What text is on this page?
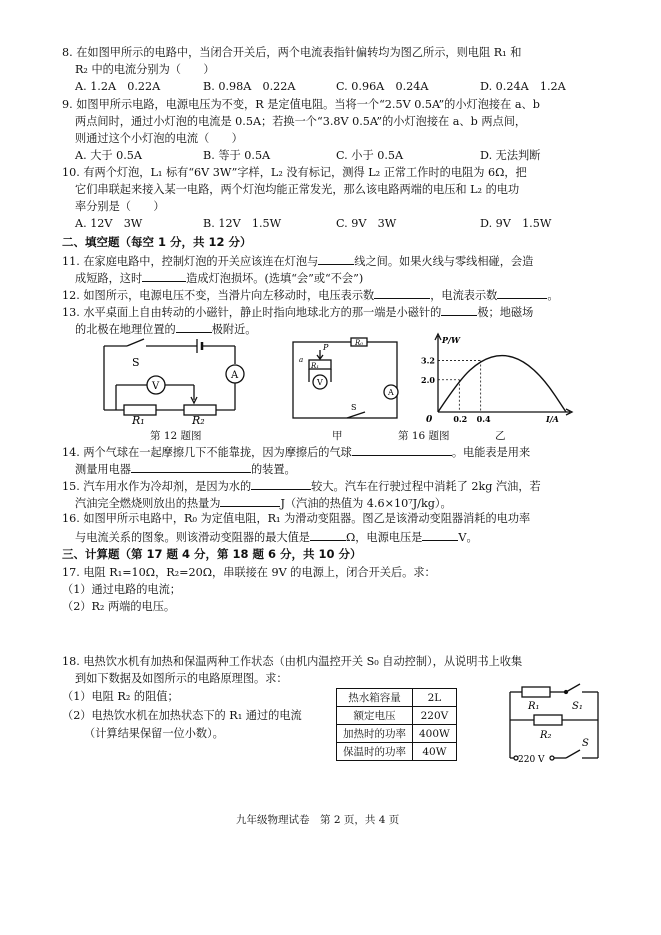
8. 在如图甲所示的电路中，当闭合开关后，两个电流表指针偏转均为图乙所示，则电阻 R₁ 和
R₂ 中的电流分别为（　　）
A. 1.2A　0.22A	B. 0.98A　0.22A	C. 0.96A　0.24A	D. 0.24A　1.2A
9. 如图甲所示电路，电源电压为不变，R 是定值电阻。当将一个“2.5V 0.5A”的小灯泡接在 a、b
两点间时，通过小灯泡的电流是 0.5A；若换一个“3.8V 0.5A”的小灯泡接在 a、b 两点间，
则通过这个小灯泡的电流（　　）
A. 大于 0.5A	B. 等于 0.5A	C. 小于 0.5A	D. 无法判断
10. 有两个灯泡，L₁ 标有“6V 3W”字样，L₂ 没有标记，测得 L₂ 正常工作时的电阻为 6Ω，把
它们串联起来接入某一电路，两个灯泡均能正常发光，那么该电路两端的电压和 L₂ 的电功
率分别是（　　）
A. 12V　3W	B. 12V　1.5W	C. 9V　3W	D. 9V　1.5W
二、填空题（每空 1 分，共 12 分）
11. 在家庭电路中，控制灯泡的开关应该连在灯泡与	线之间。如果火线与零线相碰，会造
成短路，这时	造成灯泡损坏。(选填“会”或“不会”)
12. 如图所示，电源电压不变，当滑片向左移动时，电压表示数	，电流表示数	。
13. 水平桌面上自由转动的小磁针，静止时指向地球北方的那一端是小磁针的	极；地磁场
的北极在地理位置的	极附近。
S
V
A
R₁	R₂
P
R₁
R₀
V
A
S
a
P/W
I/A
0
3.2
2.0
0.2 0.4
第 12 题图	甲	第 16 题图	乙
14. 两个气球在一起摩擦几下不能靠拢，因为摩擦后的气球	。电能表是用来
测量用电器	的装置。
15. 汽车用水作为冷却剂，是因为水的	较大。汽车在行驶过程中消耗了 2kg 汽油，若
汽油完全燃烧则放出的热量为	J（汽油的热值为 4.6×10⁷J/kg）。
16. 如图甲所示电路中，R₀ 为定值电阻，R₁ 为滑动变阻器。图乙是该滑动变阻器消耗的电功率
与电流关系的图象。则该滑动变阻器的最大值是	Ω，电源电压是	V。
三、计算题（第 17 题 4 分，第 18 题 6 分，共 10 分）
17. 电阻 R₁=10Ω，R₂=20Ω，串联接在 9V 的电源上，闭合开关后。求：
（1）通过电路的电流；
（2）R₂ 两端的电压。
18. 电热饮水机有加热和保温两种工作状态（由机内温控开关 S₀ 自动控制），从说明书上收集
到如下数据及如图所示的电路原理图。求：
（1）电阻 R₂ 的阻值；
（2）电热饮水机在加热状态下的 R₁ 通过的电流
（计算结果保留一位小数）。
热水箱容量	2L
额定电压	220V
加热时的功率	400W
保温时的功率	40W
R₁	S₁
R₂
S
220 V
九年级物理试卷　第 2 页，共 4 页
